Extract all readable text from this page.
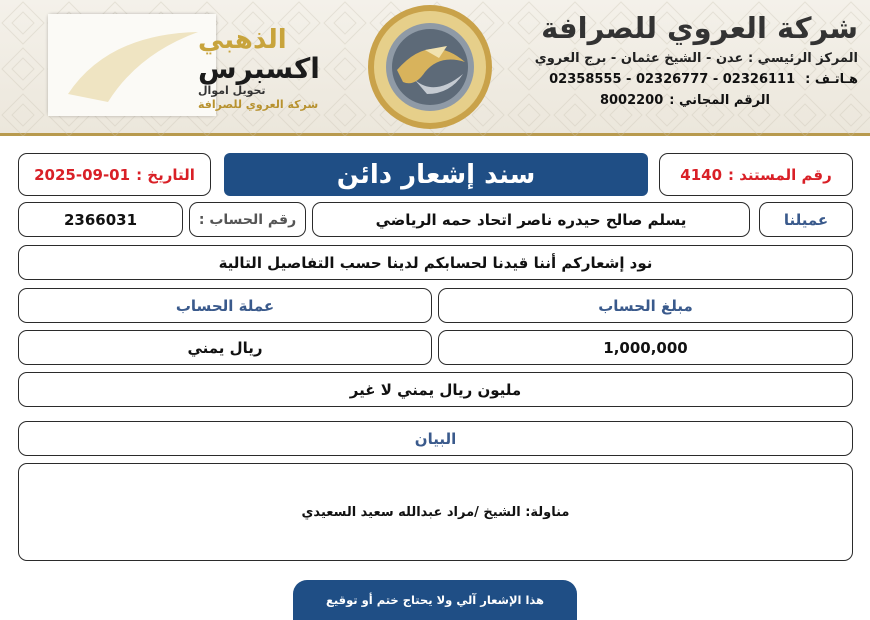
شركة العروي للصرافة
المركز الرئيسي : عدن - الشيخ عثمان - برج العروي
هـاتـف :
02358555 - 02326777 - 02326111
الرقم المجاني :
8002200
الذهبي
اكسبرس
تحويل اموال
شركة العروي للصرافة
رقم المستند :
4140
سند إشعار دائن
التاريخ :
2025-09-01
عميلنا
يسلم صالح حيدره ناصر اتحاد حمه الرياضي
رقم الحساب :
2366031
نود إشعاركم أننا قيدنا لحسابكم لدينا حسب التفاصيل التالية
مبلغ الحساب
عملة الحساب
1,000,000
ريال يمني
مليون ريال يمني لا غير
البيان
مناولة: الشيخ /مراد عبدالله سعيد السعيدي
هذا الإشعار آلي ولا يحتاج ختم أو توقيع
